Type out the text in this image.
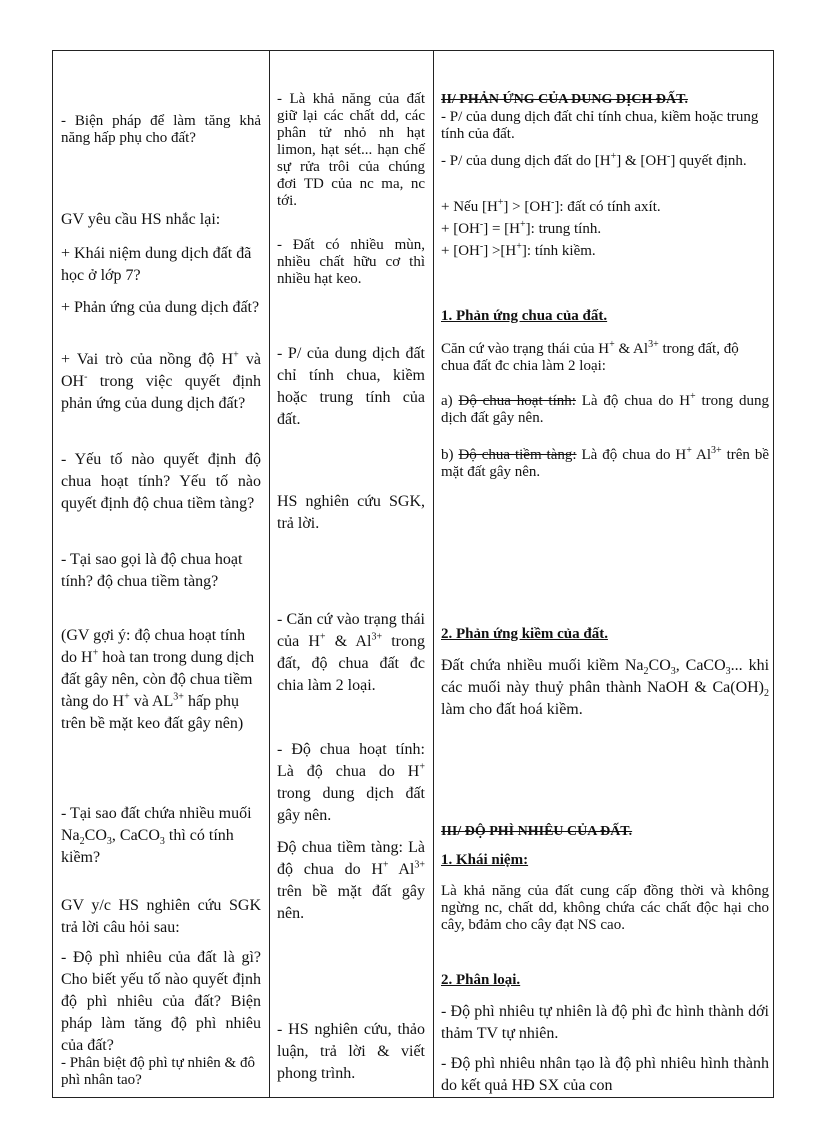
- Biện pháp để làm tăng khả năng hấp phụ cho đất?

GV yêu cầu HS nhắc lại:

+ Khái niệm dung dịch đất đã học ở lớp 7?

+ Phản ứng của dung dịch đất?

+ Vai trò của nồng độ H+ và OH- trong việc quyết định phản ứng của dung dịch đất?

- Yếu tố nào quyết định độ chua hoạt tính? Yếu tố nào quyết định độ chua tiềm tàng?

- Tại sao gọi là độ chua hoạt tính? độ chua tiềm tàng?

(GV gợi ý: độ chua hoạt tính do H+ hoà tan trong dung dịch đất gây nên, còn độ chua tiềm tàng do H+ và $AL^{3+}$ hấp phụ trên bề mặt keo đất gây nên)

- Tại sao đất chứa nhiều muối $Na_2CO_3$, CaCO$_3$ thì có tính kiềm?

GV y/c HS nghiên cứu SGK trả lời câu hỏi sau:

- Độ phì nhiêu của đất là gì? Cho biết yếu tố nào quyết định độ phì nhiêu của đất? Biện pháp làm tăng độ phì nhiêu của đất?

- Phân biệt độ phì tự nhiên & đô phì nhân tao?

- Là khả năng của đất giữ lại các chất dd, các phân tử nhỏ nh hạt limon, hạt sét... hạn chế sự rửa trôi của chúng đơi TD của nc ma, nc tới.

- Đất có nhiều mùn, nhiều chất hữu cơ thì nhiều hạt keo.

- P/ của dung dịch đất chỉ tính chua, kiềm hoặc trung tính của đất.

HS nghiên cứu SGK, trả lời.

- Căn cứ vào trạng thái của H+ & $Al^{3+}$ trong đất, độ chua đất đc chia làm 2 loại.

- Độ chua hoạt tính: Là độ chua do H+ trong dung dịch đất gây nên.

Độ chua tiềm tàng: Là độ chua do H+ $Al^{3+}$ trên bề mặt đất gây nên.

- HS nghiên cứu, thảo luận, trả lời & viết phong trình.

II/ PHẢN ỨNG CỦA DUNG DỊCH ĐẤT.

- P/ của dung dịch đất chỉ tính chua, kiềm hoặc trung tính của đất.

- P/ của dung dịch đất do [H+] & [OH-] quyết định.

+ Nếu [H+] > [OH-]: đất có tính axít.

+ [OH-] = [H+]: trung tính.

+ [OH-] >[H+]: tính kiềm.

1. Phản ứng chua của đất.

Căn cứ vào trạng thái của H+ & $Al^{3+}$ trong đất, độ chua đất đc chia làm 2 loại:

a) Độ chua hoạt tính: Là độ chua do H+ trong dung dịch đất gây nên.

b) Độ chua tiềm tàng: Là độ chua do H+ $Al^{3+}$ trên bề mặt đất gây nên.

2. Phản ứng kiềm của đất.

Đất chứa nhiều muối kiềm $Na_2CO_3$, CaCO$_3$... khi các muối này thuỷ phân thành NaOH & $Ca(OH)_2$ làm cho đất hoá kiềm.

III/ ĐỘ PHÌ NHIÊU CỦA ĐẤT.

1. Khái niệm:

Là khả năng của đất cung cấp đồng thời và không ngừng nc, chất dd, không chứa các chất độc hại cho cây, bđảm cho cây đạt NS cao.

2. Phân loại.

- Độ phì nhiêu tự nhiên là độ phì đc hình thành dới thảm TV tự nhiên.

- Độ phì nhiêu nhân tạo là độ phì nhiêu hình thành do kết quả HĐ SX của con
